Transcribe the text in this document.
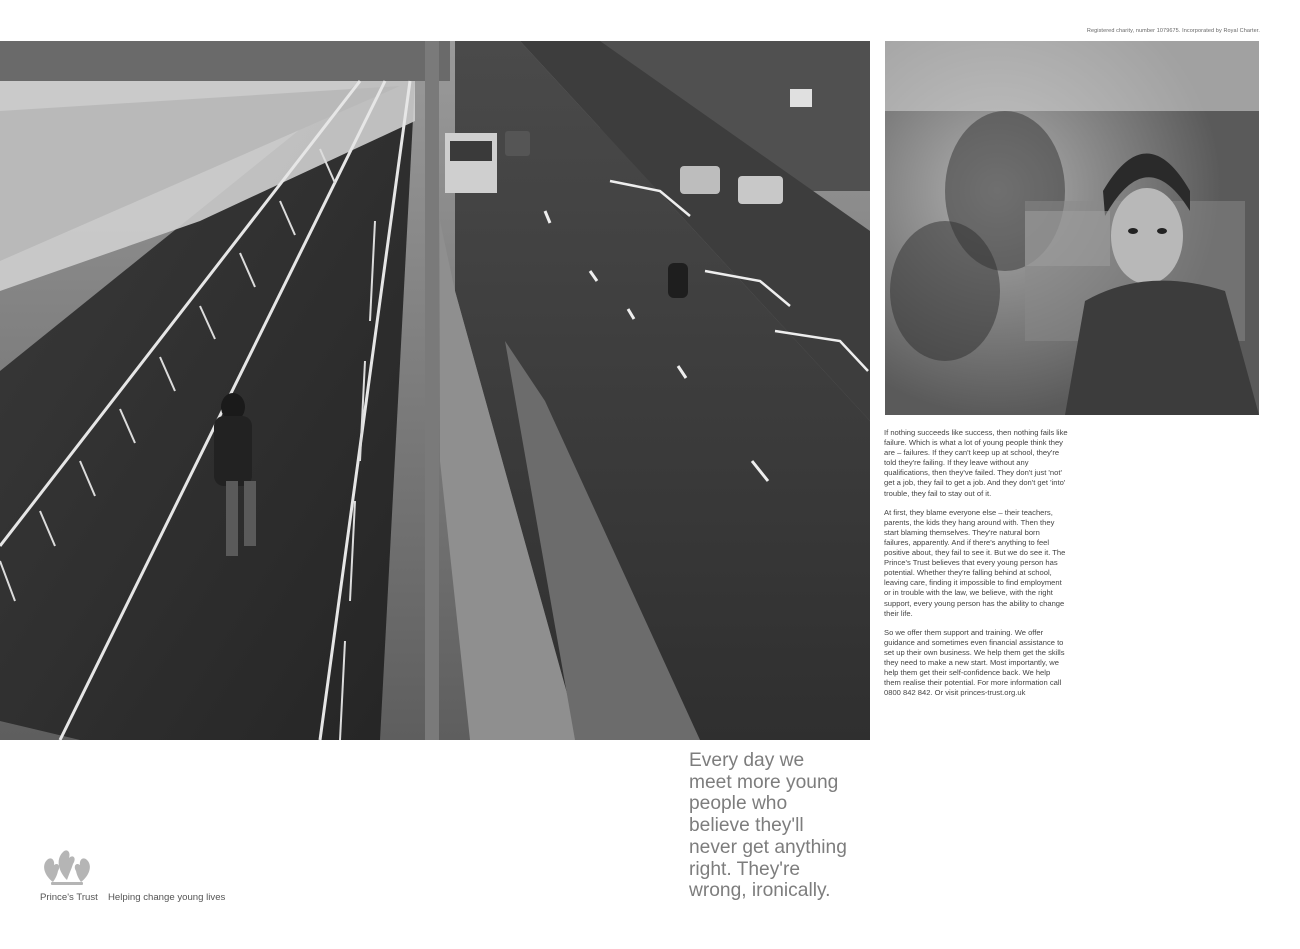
Registered charity, number 1079675. Incorporated by Royal Charter.

If nothing succeeds like success, then nothing fails like failure. Which is what a lot of young people think they are – failures. If they can't keep up at school, they're told they're failing. If they leave without any qualifications, then they've failed. They don't just 'not' get a job, they fail to get a job. And they don't get 'into' trouble, they fail to stay out of it.

At first, they blame everyone else – their teachers, parents, the kids they hang around with. Then they start blaming themselves. They're natural born failures, apparently. And if there's anything to feel positive about, they fail to see it. But we do see it. The Prince's Trust believes that every young person has potential. Whether they're falling behind at school, leaving care, finding it impossible to find employment or in trouble with the law, we believe, with the right support, every young person has the ability to change their life.

So we offer them support and training. We offer guidance and sometimes even financial assistance to set up their own business. We help them get the skills they need to make a new start. Most importantly, we help them get their self-confidence back. We help them realise their potential. For more information call 0800 842 842. Or visit princes-trust.org.uk

Every day we
meet more young
people who
believe they'll
never get anything
right. They're
wrong, ironically.
Prince's Trust Helping change young lives
